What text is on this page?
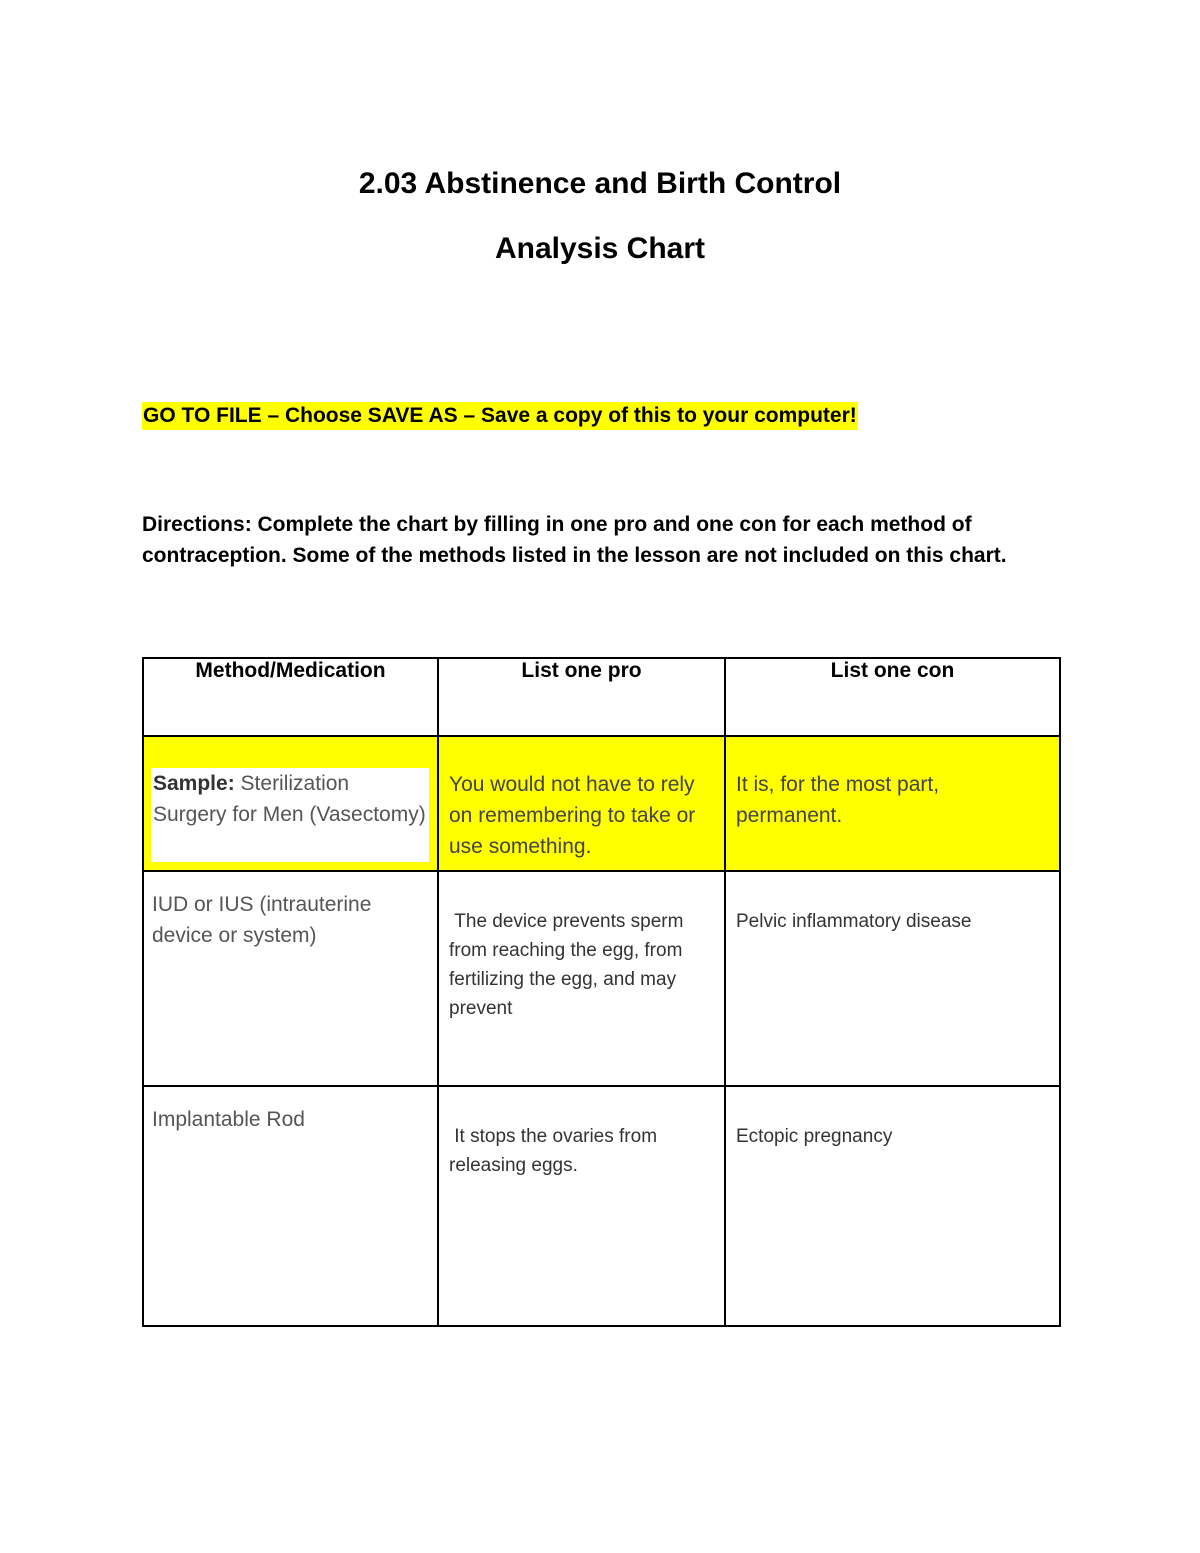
2.03 Abstinence and Birth Control
Analysis Chart
GO TO FILE – Choose SAVE AS – Save a copy of this to your computer!

Directions: Complete the chart by filling in one pro and one con for each method of contraception. Some of the methods listed in the lesson are not included on this chart.

Method/Medication	List one pro	List one con

Sample: Sterilization Surgery for Men (Vasectomy)	You would not have to rely on remembering to take or use something.	It is, for the most part, permanent.

IUD or IUS (intrauterine device or system)	The device prevents sperm from reaching the egg, from fertilizing the egg, and may prevent	Pelvic inflammatory disease

Implantable Rod	It stops the ovaries from releasing eggs.	Ectopic pregnancy
